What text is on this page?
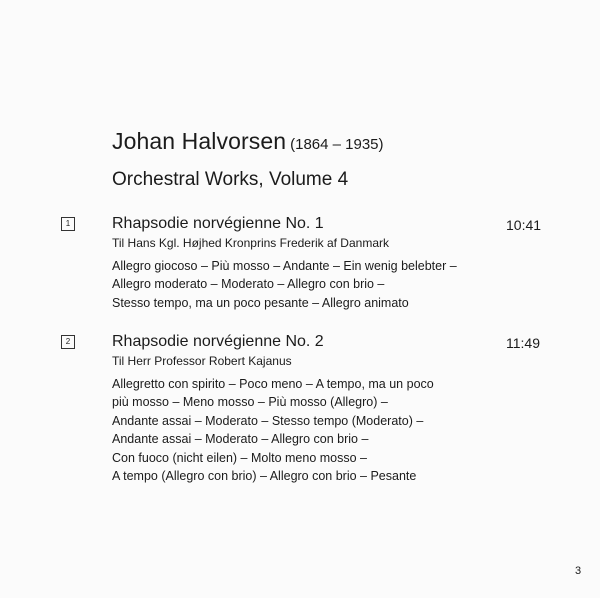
Johan Halvorsen (1864 – 1935)
Orchestral Works, Volume 4
1	Rhapsodie norvégienne No. 1	10:41
Til Hans Kgl. Højhed Kronprins Frederik af Danmark
Allegro giocoso – Più mosso – Andante – Ein wenig belebter –
Allegro moderato – Moderato – Allegro con brio –
Stesso tempo, ma un poco pesante – Allegro animato
2	Rhapsodie norvégienne No. 2	11:49
Til Herr Professor Robert Kajanus
Allegretto con spirito – Poco meno – A tempo, ma un poco
più mosso – Meno mosso – Più mosso (Allegro) –
Andante assai – Moderato – Stesso tempo (Moderato) –
Andante assai – Moderato – Allegro con brio –
Con fuoco (nicht eilen) – Molto meno mosso –
A tempo (Allegro con brio) – Allegro con brio – Pesante
3
